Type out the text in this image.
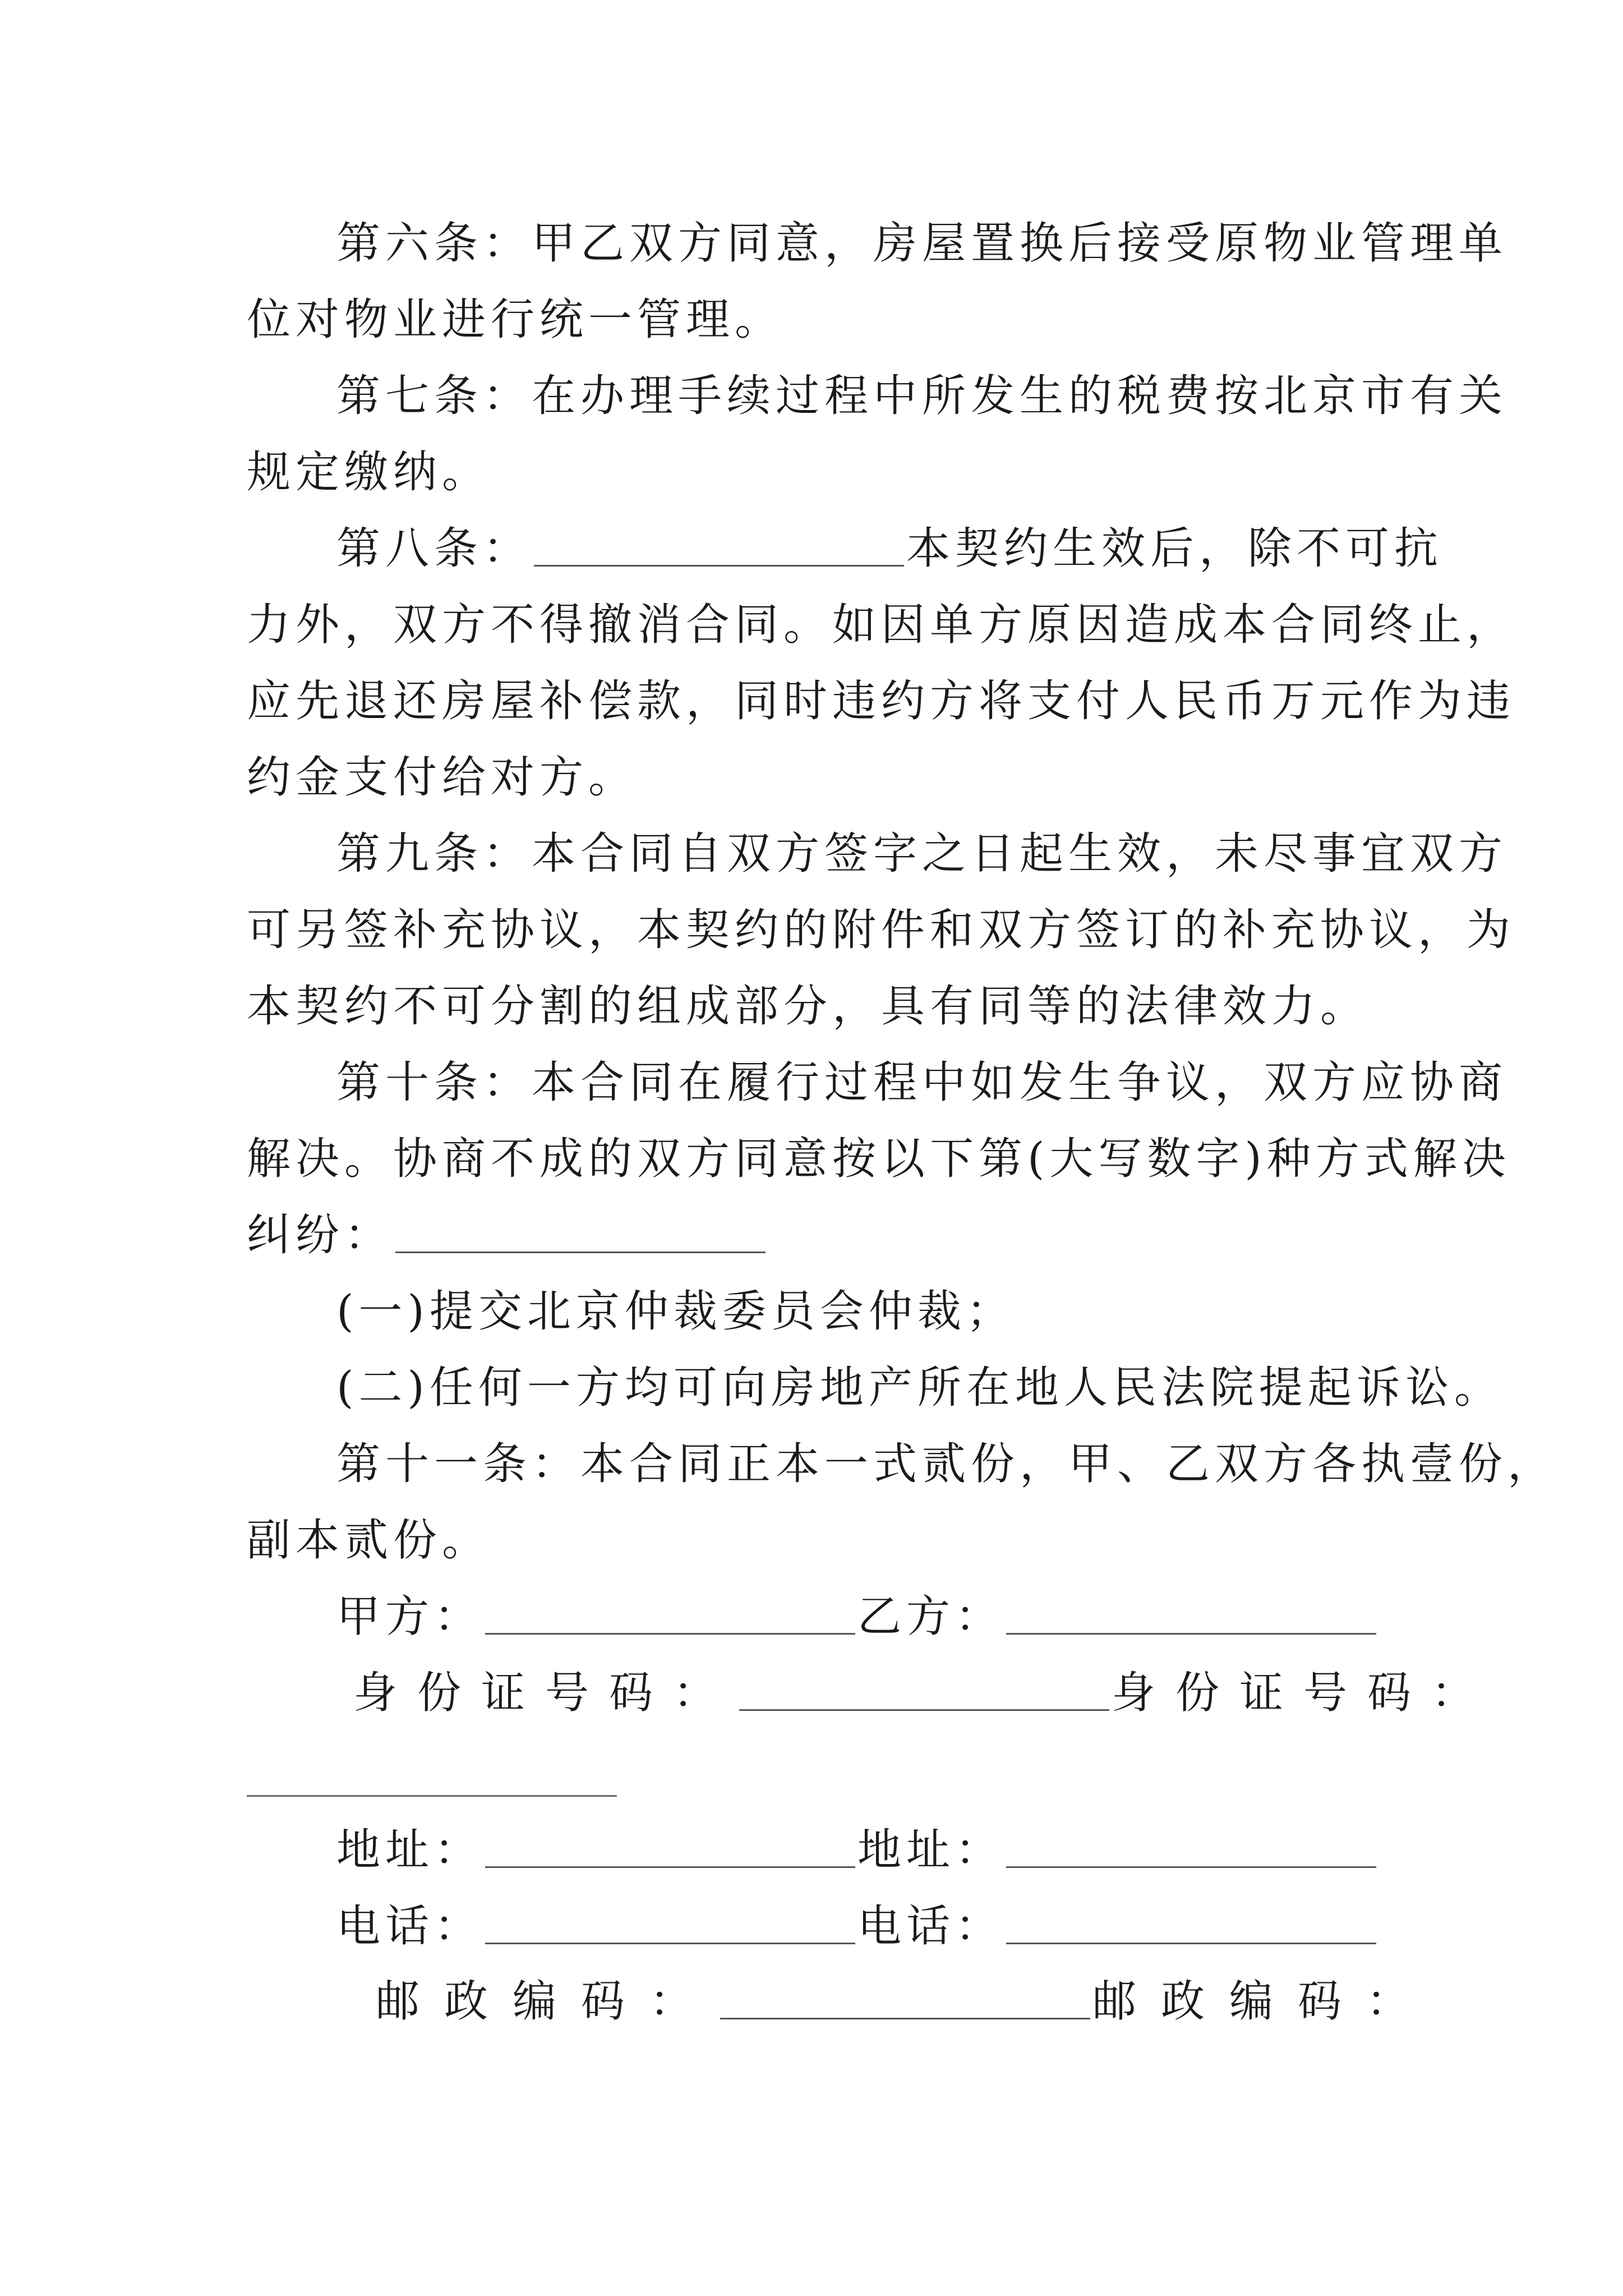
第六条：甲乙双方同意，房屋置换后接受原物业管理单
位对物业进行统一管理。
第七条：在办理手续过程中所发生的税费按北京市有关
规定缴纳。
第八条：	本契约生效后，除不可抗
力外，双方不得撤消合同。如因单方原因造成本合同终止，
应先退还房屋补偿款，同时违约方将支付人民币万元作为违
约金支付给对方。
第九条：本合同自双方签字之日起生效，未尽事宜双方
可另签补充协议，本契约的附件和双方签订的补充协议，为
本契约不可分割的组成部分，具有同等的法律效力。
第十条：本合同在履行过程中如发生争议，双方应协商
解决。协商不成的双方同意按以下第(大写数字)种方式解决
纠纷：
(一)提交北京仲裁委员会仲裁；
(二)任何一方均可向房地产所在地人民法院提起诉讼。
第十一条：本合同正本一式贰份，甲、乙双方各执壹份，
副本贰份。
甲方：	乙方：
身份证号码：	身份证号码：
地址：	地址：
电话：	电话：
邮政编码：	邮政编码：
